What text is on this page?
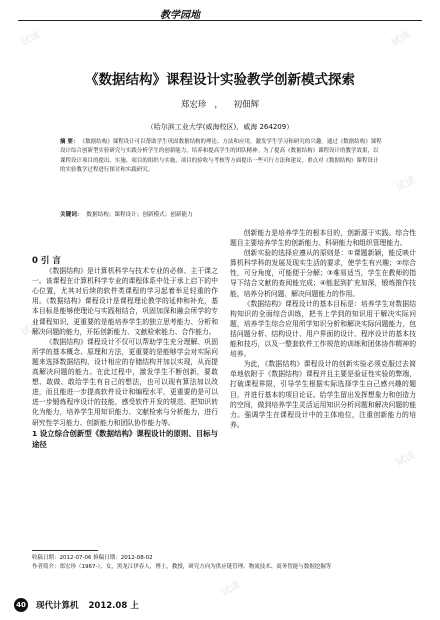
试读	试读
试读
试读
试读
试读
教学园地
《数据结构》课程设计实验教学创新模式探索
郑宏珍 ， 初佃辉
（哈尔滨工业大学(威海校区)，威海 264209）
摘 要： 《数据结构》课程设计可以帮助学生巩固数据结构的理论、方法和应用，激发学生学习和研究的兴趣。通过《数据结构》课程设计综合创新型实验研究与实践分析学生的创新能力，培养和提高学生的团队精神。为了提高《数据结构》课程设计的教学效果，以课程设计项目的提出、实施、项目的组织与实施、项目的验收与考核等方面提出一些可行方法和建议。重点对《数据结构》课程设计的实验教学过程进行探讨和实践研究。
关键词： 数据结构；课程设计；创新模式；创新能力

0 引 言

《数据结构》是计算机科学与技术专业的必修、主干课之一。该课程在计算机科学专业的课程体系中处于承上启下的中心位置，尤其对后续的软件类课程的学习起着举足轻重的作用。《数据结构》课程设计是课程理论教学的延伸和补充，基本目标是能够使理论与实践相结合，巩固加深和融会所学的专业课程知识，更重要的是能培养学生的独立思考能力、分析和解决问题的能力，开拓创新能力、文献检索能力、合作能力。

《数据结构》课程设计不仅可以帮助学生充分理解、巩固所学的基本概念、原理和方法，更重要的是能够学会对实际问题来选择数据结构、设计相应的存储结构并加以实现，从而提高解决问题的能力。在此过程中，激发学生不断创新，要敢想、敢做、敢给学生有自己的想法，也可以现有算法加以改进，而且能进一步提高软件设计和编程水平，更重要的是可以进一步锻炼程序设计的技能，感受软件开发的规范、把知识转化为能力，培养学生用知识能力、文献检索与分析能力，进行研究性学习能力、创新能力和团队协作能力等。

1 设立综合创新型《数据结构》课程设计的原则、目标与途径

创新能力是培养学生的根本目的，创新源于实践。综合性题目主要培养学生的创新能力、科研能力和组织管理能力。

创新实验的选择应遵从的原则是：①课题新颖，能反映计算机科学科的发展及现实生活的要求，使学生有兴趣；②综合性，可分角度，可能便于分解；③难易适当，学生在教师的指导下结合文献的查阅能完成；④能起到扩充加深，锻炼推作技能，培养分析问题、解决问题能力的作用。

《数据结构》课程设计的基本目标是：培养学生对数据结构知识的全面综合训练，把书上学到的知识用于解决实际问题，培养学生综合应用所学知识分析和解决实际问题能力，包括问题分析、结构设计、用户界面的设计、程序设计的基本技能和技巧，以及一整套软件工作规范的训练和团体协作精神的培养。

为此，《数据结构》课程设计的创新实验必须克服过去简单地依附于《数据结构》课程并且主要是验证性实验的弊端，打破课程界限，引导学生根据实际选择学生自己感兴趣的题目，并进行基本的项目论证。给学生留出发挥想象力和创造力的空间，做到培养学生灵活运用知识分析问题和解决问题的能力。强调学生在课程设计中的主体地位，注重创新能力的培养。

收稿日期：2012-07-06 修稿日期：2012-08-02
作者简介：郑宏珍（1967-），女，黑龙江伊春人，博士，教授，研究方向为供应链管理、物流技术、商务智能与数据挖掘等
40 现代计算机 2012.08 上
